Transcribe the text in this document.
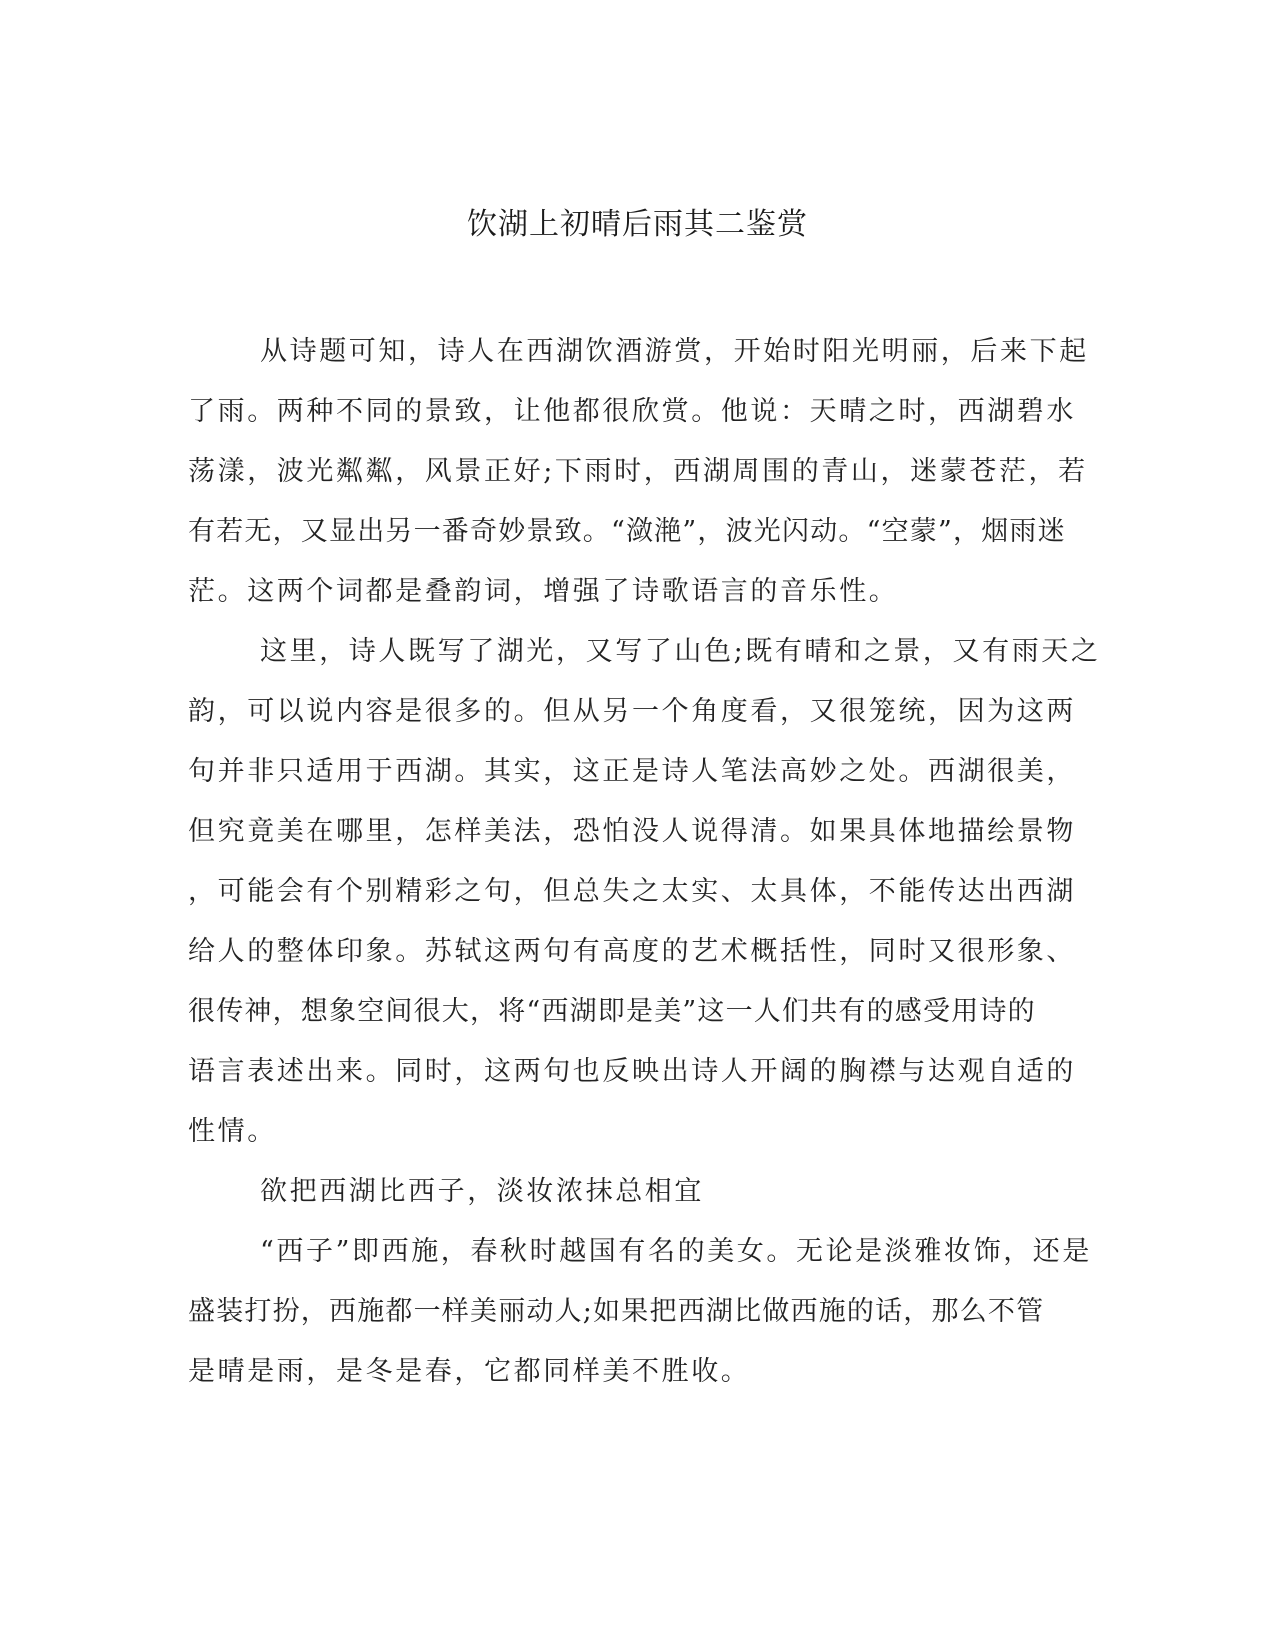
饮湖上初晴后雨其二鉴赏
从诗题可知，诗人在西湖饮酒游赏，开始时阳光明丽，后来下起
了雨。两种不同的景致，让他都很欣赏。他说：天晴之时，西湖碧水
荡漾，波光粼粼，风景正好;下雨时，西湖周围的青山，迷蒙苍茫，若
有若无，又显出另一番奇妙景致。“潋滟”，波光闪动。“空蒙”，烟雨迷
茫。这两个词都是叠韵词，增强了诗歌语言的音乐性。
这里，诗人既写了湖光，又写了山色;既有晴和之景，又有雨天之
韵，可以说内容是很多的。但从另一个角度看，又很笼统，因为这两
句并非只适用于西湖。其实，这正是诗人笔法高妙之处。西湖很美，
但究竟美在哪里，怎样美法，恐怕没人说得清。如果具体地描绘景物
，可能会有个别精彩之句，但总失之太实、太具体，不能传达出西湖
给人的整体印象。苏轼这两句有高度的艺术概括性，同时又很形象、
很传神，想象空间很大，将“西湖即是美”这一人们共有的感受用诗的
语言表述出来。同时，这两句也反映出诗人开阔的胸襟与达观自适的
性情。
欲把西湖比西子，淡妆浓抹总相宜
“西子”即西施，春秋时越国有名的美女。无论是淡雅妆饰，还是
盛装打扮，西施都一样美丽动人;如果把西湖比做西施的话，那么不管
是晴是雨，是冬是春，它都同样美不胜收。
